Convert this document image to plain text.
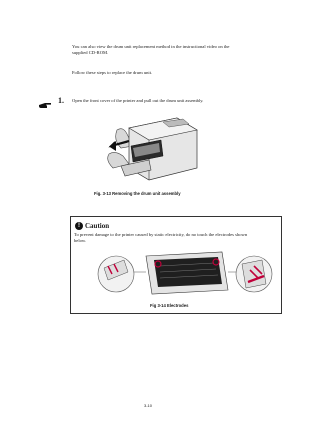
You can also view the drum unit replacement method in the instructional video on the
supplied CD-ROM.
Follow these steps to replace the drum unit.
1. Open the front cover of the printer and pull out the drum unit assembly.
Fig. 3-13 Removing the drum unit assembly
! Caution
To prevent damage to the printer caused by static electricity, do no touch the electrodes shown
below.
Fig 3-14 Electrodes
3-10
